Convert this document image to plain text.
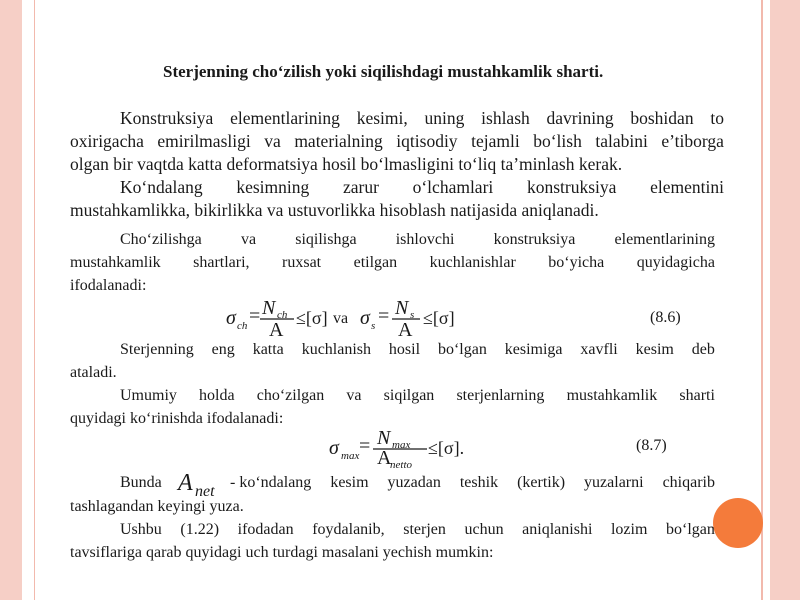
Sterjenning cho‘zilish yoki siqilishdagi mustahkamlik sharti.
Konstruksiya elementlarining kesimi, uning ishlash davrining boshidan to
oxirigacha emirilmasligi va materialning iqtisodiy tejamli bo‘lish talabini e’tiborga
olgan bir vaqtda katta deformatsiya hosil bo‘lmasligini to‘liq ta’minlash kerak.
Ko‘ndalang kesimning zarur o‘lchamlari konstruksiya elementini
mustahkamlikka, bikirlikka va ustuvorlikka hisoblash natijasida aniqlanadi.
Cho‘zilishga va siqilishga ishlovchi konstruksiya elementlarining
mustahkamlik shartlari, ruxsat etilgan kuchlanishlar bo‘yicha quyidagicha
ifodalanadi:
σ ch = N ch
A
≤[σ] va σ s = N s
A
≤[σ]	(8.6)
Sterjenning eng katta kuchlanish hosil bo‘lgan kesimiga xavfli kesim deb
ataladi.
Umumiy holda cho‘zilgan va siqilgan sterjenlarning mustahkamlik sharti
quyidagi ko‘rinishda ifodalanadi:
σ max = N max
A
netto
≤[σ].	(8.7)
Bunda A net
- ko‘ndalang kesim yuzadan teshik (kertik) yuzalarni chiqarib
tashlagandan keyingi yuza.
Ushbu (1.22) ifodadan foydalanib, sterjen uchun aniqlanishi lozim bo‘lgan
tavsiflariga qarab quyidagi uch turdagi masalani yechish mumkin:
